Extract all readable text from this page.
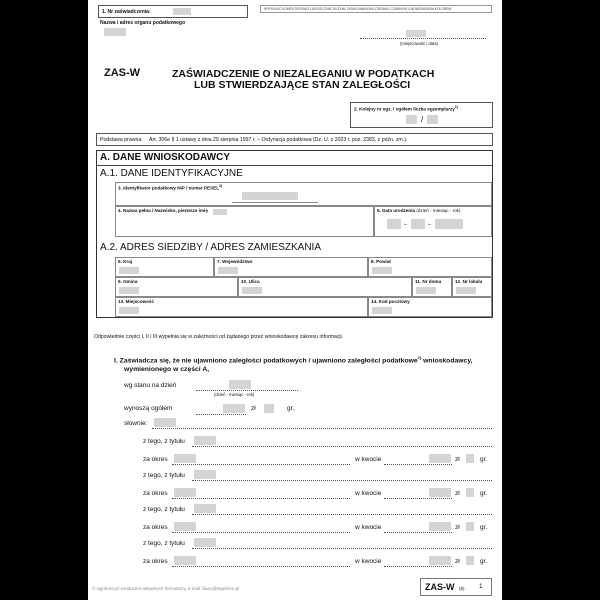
1. Nr zaświadczenia:	WYPEŁNIĆ KOMPUTEROWO LUB RĘCZNIE DUŻYMI, DRUKOWANYMI LITERAMI, CZARNYM LUB NIEBIESKIM KOLOREM
Nazwa i adres organu podatkowego
(miejscowość i data)
ZAS-W	ZAŚWIADCZENIE O NIEZALEGANIU W PODATKACH
LUB STWIERDZAJĄCE STAN ZALEGŁOŚCI
2. Kolejny nr egz. / ogółem liczba egzemplarzy$^{1)}$
/
Podstawa prawna: Art. 306e § 1 ustawy z dnia 29 sierpnia 1997 r. – Ordynacja podatkowa (Dz. U. z 2023 r. poz. 2383, z późn. zm.).
A. DANE WNIOSKODAWCY
A.1. DANE IDENTYFIKACYJNE
3. Identyfikator podatkowy NIP / numer PESEL$^{2)}$
4. Nazwa pełna / Nazwisko, pierwsze imię	5. Data urodzenia (dzień - miesiąc - rok)
–	–
A.2. ADRES SIEDZIBY / ADRES ZAMIESZKANIA
6. Kraj	7. Województwo	8. Powiat
9. Gmina	10. Ulica	11. Nr domu	12. Nr lokalu
13. Miejscowość	14. Kod pocztowy
Odpowiednie części I, II i III wypełnia się w zależności od żądanego przez wnioskodawcę zakresu informacji.
I. Zaświadcza się, że nie ujawniono zaległości podatkowych / ujawniono zaległości podatkowe$^{2)}$ wnioskodawcy,
wymienionego w części A,
wg stanu na dzień
(dzień - miesiąc - rok)
wynoszą ogółem	zł	gr,
słownie:
z tego, z tytułu
za okres	w kwocie	zł	gr.
z tego, z tytułu
za okres	w kwocie	zł	gr.
z tego, z tytułu
za okres	w kwocie	zł	gr.
z tego, z tytułu
za okres	w kwocie	zł	gr.
© signform.pl: producent aktywnych formularzy, e-mail: biuro@signform.pl	ZAS-W (6) 1
